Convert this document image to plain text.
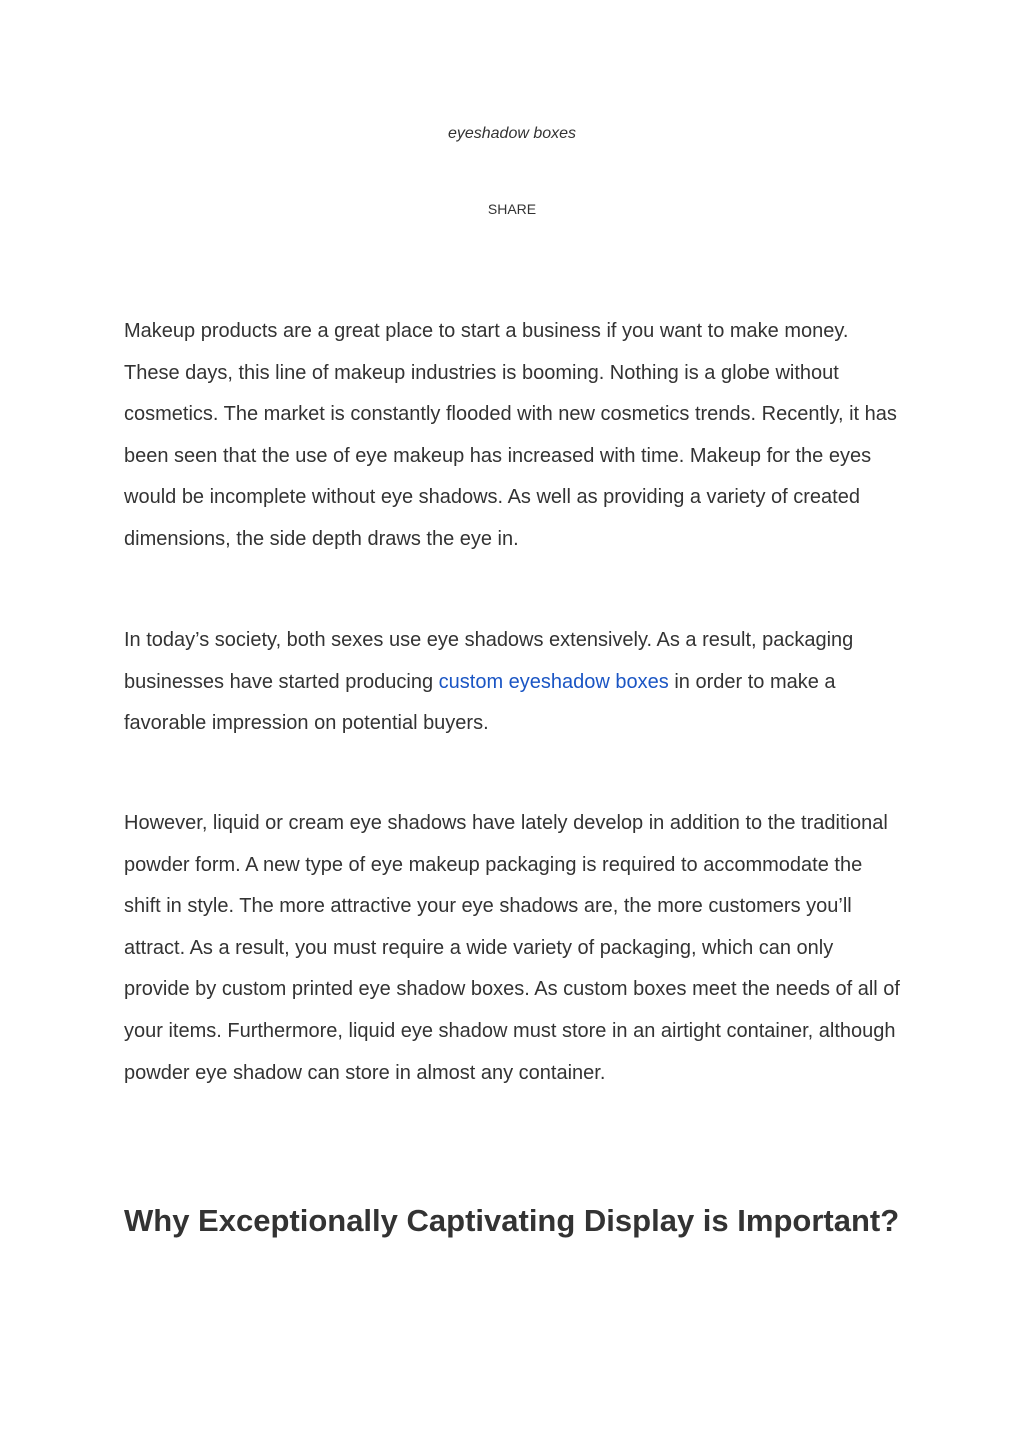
eyeshadow boxes
SHARE

Makeup products are a great place to start a business if you want to make money. These days, this line of makeup industries is booming. Nothing is a globe without cosmetics. The market is constantly flooded with new cosmetics trends. Recently, it has been seen that the use of eye makeup has increased with time. Makeup for the eyes would be incomplete without eye shadows. As well as providing a variety of created dimensions, the side depth draws the eye in.

In today’s society, both sexes use eye shadows extensively. As a result, packaging businesses have started producing custom eyeshadow boxes in order to make a favorable impression on potential buyers.

However, liquid or cream eye shadows have lately develop in addition to the traditional powder form. A new type of eye makeup packaging is required to accommodate the shift in style. The more attractive your eye shadows are, the more customers you’ll attract. As a result, you must require a wide variety of packaging, which can only provide by custom printed eye shadow boxes. As custom boxes meet the needs of all of your items. Furthermore, liquid eye shadow must store in an airtight container, although powder eye shadow can store in almost any container.

Why Exceptionally Captivating Display is Important?
